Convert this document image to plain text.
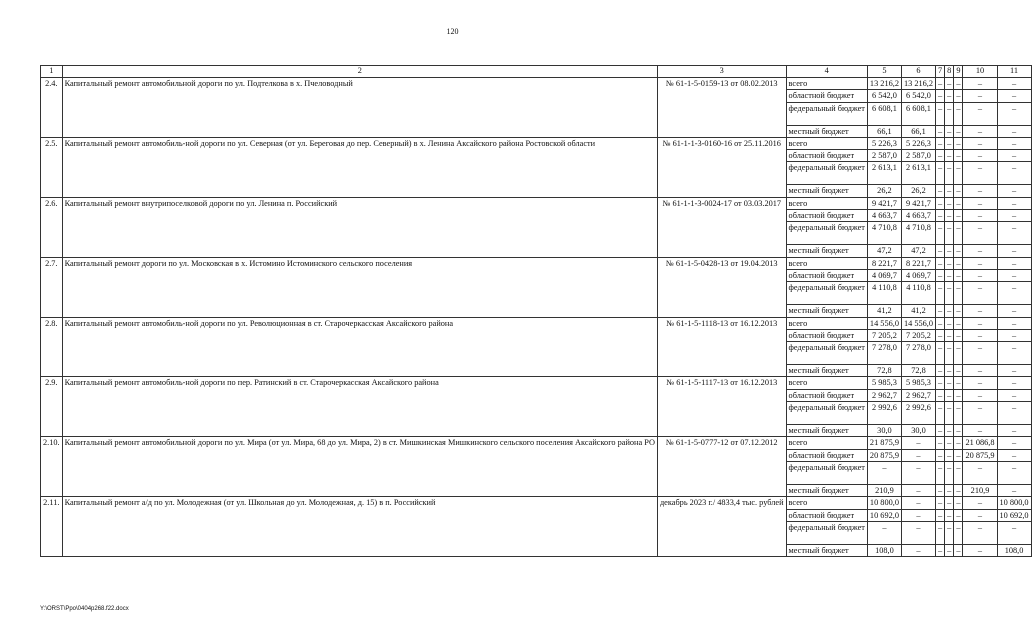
120
1	2	3	4	5	6	7	8	9	10	11
2.4.	Капитальный ремонт автомобильной дороги по ул. Подтелкова в х. Пчеловодный	№ 61-1-5-0159-13 от 08.02.2013	всего	13 216,2	13 216,2	–	–	–	–	–
			областной бюджет	6 542,0	6 542,0	–	–	–	–	–
			федеральный бюджет	6 608,1	6 608,1	–	–	–	–	–
			местный бюджет	66,1	66,1	–	–	–	–	–
2.5.	Капитальный ремонт автомобиль-ной дороги по ул. Северная (от ул. Береговая до пер. Северный) в х. Ленина Аксайского района Ростовской области	№ 61-1-1-3-0160-16 от 25.11.2016	всего	5 226,3	5 226,3	–	–	–	–	–
			областной бюджет	2 587,0	2 587,0	–	–	–	–	–
			федеральный бюджет	2 613,1	2 613,1	–	–	–	–	–
			местный бюджет	26,2	26,2	–	–	–	–	–
2.6.	Капитальный ремонт внутрипоселковой дороги по ул. Ленина п. Российский	№ 61-1-1-3-0024-17 от 03.03.2017	всего	9 421,7	9 421,7	–	–	–	–	–
			областной бюджет	4 663,7	4 663,7	–	–	–	–	–
			федеральный бюджет	4 710,8	4 710,8	–	–	–	–	–
			местный бюджет	47,2	47,2	–	–	–	–	–
2.7.	Капитальный ремонт дороги по ул. Московская в х. Истомино Истоминского сельского поселения	№ 61-1-5-0428-13 от 19.04.2013	всего	8 221,7	8 221,7	–	–	–	–	–
			областной бюджет	4 069,7	4 069,7	–	–	–	–	–
			федеральный бюджет	4 110,8	4 110,8	–	–	–	–	–
			местный бюджет	41,2	41,2	–	–	–	–	–
2.8.	Капитальный ремонт автомобиль-ной дороги по ул. Революционная в ст. Старочеркасская Аксайского района	№ 61-1-5-1118-13 от 16.12.2013	всего	14 556,0	14 556,0	–	–	–	–	–
			областной бюджет	7 205,2	7 205,2	–	–	–	–	–
			федеральный бюджет	7 278,0	7 278,0	–	–	–	–	–
			местный бюджет	72,8	72,8	–	–	–	–	–
2.9.	Капитальный ремонт автомобиль-ной дороги по пер. Ратинский в ст. Старочеркасская Аксайского района	№ 61-1-5-1117-13 от 16.12.2013	всего	5 985,3	5 985,3	–	–	–	–	–
			областной бюджет	2 962,7	2 962,7	–	–	–	–	–
			федеральный бюджет	2 992,6	2 992,6	–	–	–	–	–
			местный бюджет	30,0	30,0	–	–	–	–	–
2.10.	Капитальный ремонт автомобильной дороги по ул. Мира (от ул. Мира, 68 до ул. Мира, 2) в ст. Мишкинская Мишкинского сельского поселения Аксайского района РО	№ 61-1-5-0777-12 от 07.12.2012	всего	21 875,9	–	–	–	–	21 086,8	–
			областной бюджет	20 875,9	–	–	–	–	20 875,9	–
			федеральный бюджет	–	–	–	–	–	–	–
			местный бюджет	210,9	–	–	–	–	210,9	–
2.11.	Капитальный ремонт а/д по ул. Молодежная (от ул. Школьная до ул. Молодежная, д. 15) в п. Российский	декабрь 2023 г./ 4833,4 тыс. рублей	всего	10 800,0	–	–	–	–	–	10 800,0
			областной бюджет	10 692,0	–	–	–	–	–	10 692,0
			федеральный бюджет	–	–	–	–	–	–	–
			местный бюджет	108,0	–	–	–	–	–	108,0
Y:\ORST\Ppo\0404p268.f22.docx
